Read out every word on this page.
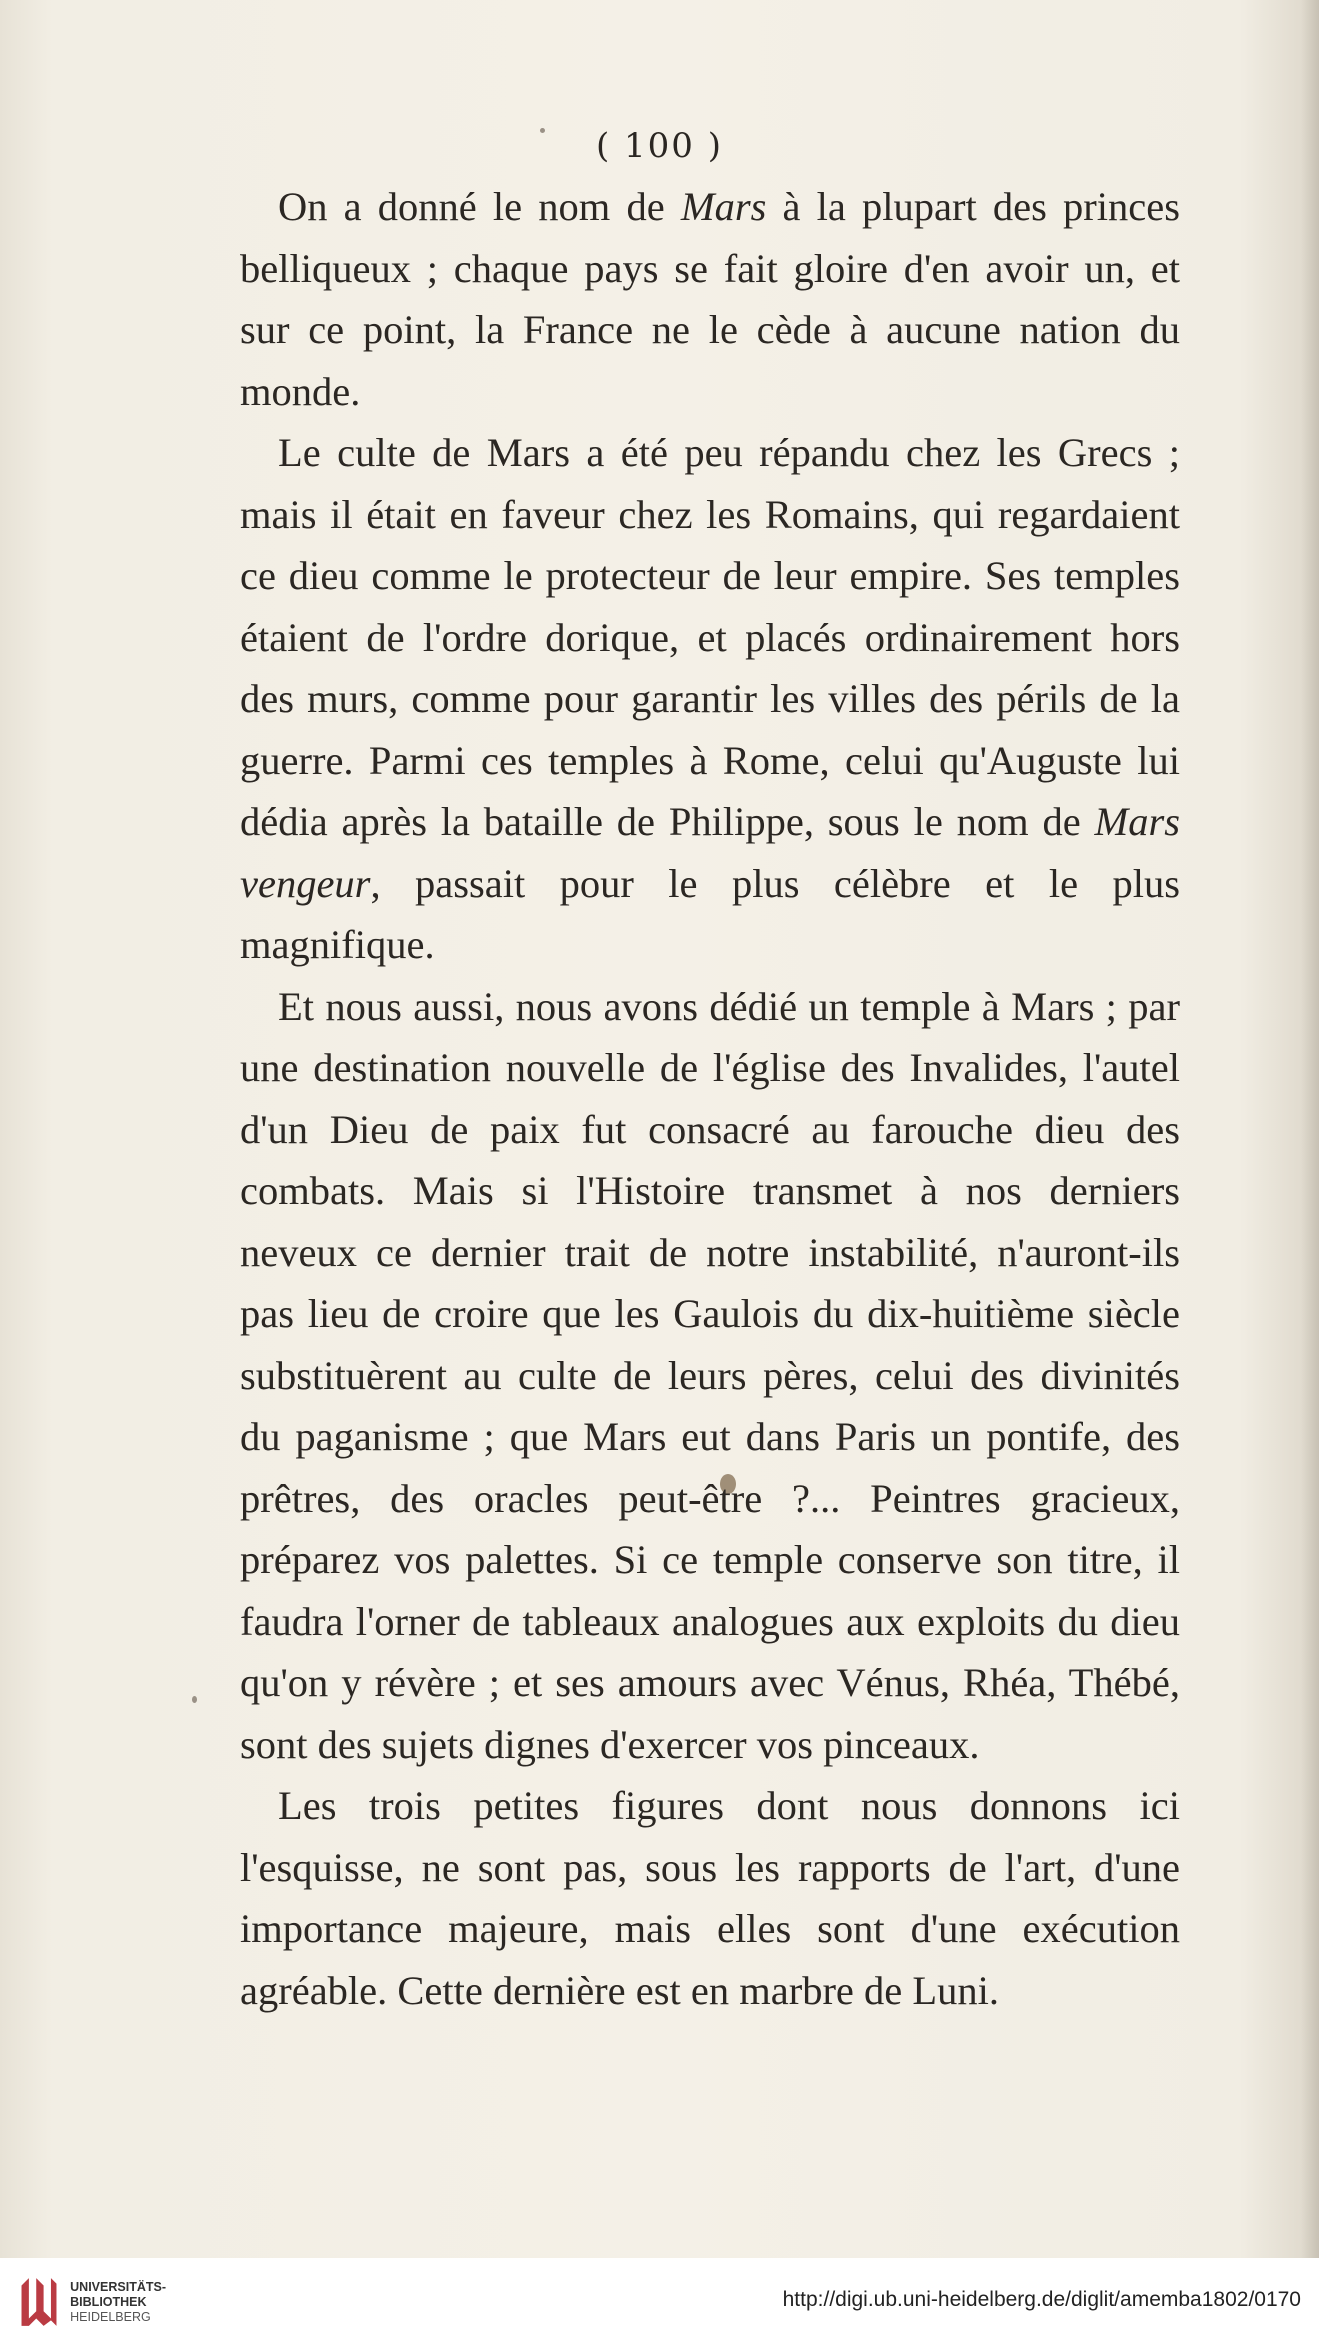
( 100 )

On a donné le nom de Mars à la plupart des princes belliqueux ; chaque pays se fait gloire d'en avoir un, et sur ce point, la France ne le cède à aucune nation du monde.

Le culte de Mars a été peu répandu chez les Grecs ; mais il était en faveur chez les Romains, qui regardaient ce dieu comme le protecteur de leur empire. Ses temples étaient de l'ordre dorique, et placés ordinairement hors des murs, comme pour garantir les villes des périls de la guerre. Parmi ces temples à Rome, celui qu'Auguste lui dédia après la bataille de Philippe, sous le nom de Mars vengeur, passait pour le plus célèbre et le plus magnifique.

Et nous aussi, nous avons dédié un temple à Mars ; par une destination nouvelle de l'église des Invalides, l'autel d'un Dieu de paix fut consacré au farouche dieu des combats. Mais si l'Histoire transmet à nos derniers neveux ce dernier trait de notre instabilité, n'auront-ils pas lieu de croire que les Gaulois du dix-huitième siècle substituèrent au culte de leurs pères, celui des divinités du paganisme ; que Mars eut dans Paris un pontife, des prêtres, des oracles peut-être ?... Peintres gracieux, préparez vos palettes. Si ce temple conserve son titre, il faudra l'orner de tableaux analogues aux exploits du dieu qu'on y révère ; et ses amours avec Vénus, Rhéa, Thébé, sont des sujets dignes d'exercer vos pinceaux.

Les trois petites figures dont nous donnons ici l'esquisse, ne sont pas, sous les rapports de l'art, d'une importance majeure, mais elles sont d'une exécution agréable. Cette dernière est en marbre de Luni.

UNIVERSITÄTS-
BIBLIOTHEK
HEIDELBERG
http://digi.ub.uni-heidelberg.de/diglit/amemba1802/0170
